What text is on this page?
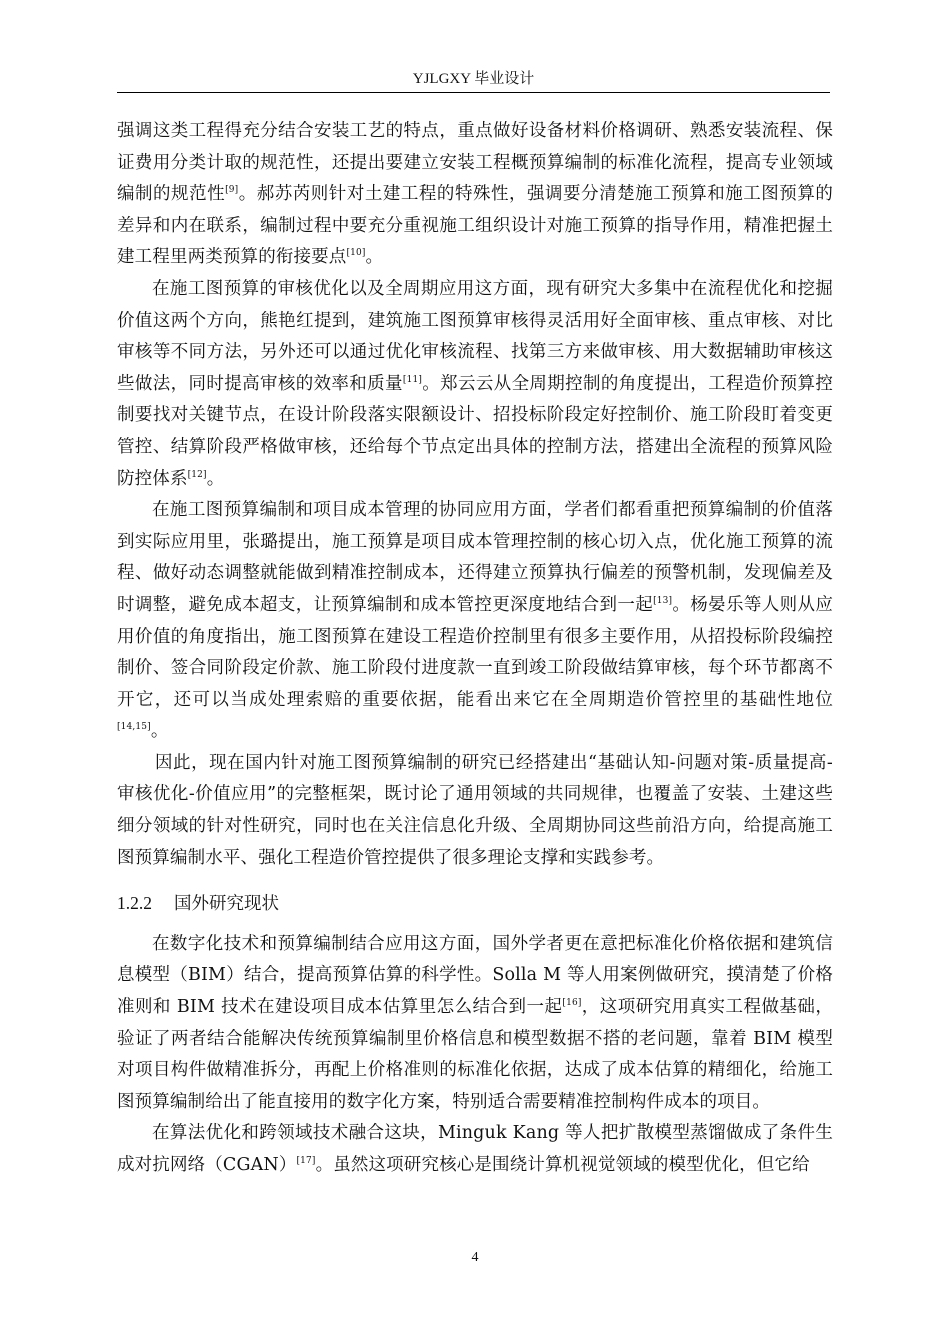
YJLGXY 毕业设计

强调这类工程得充分结合安装工艺的特点，重点做好设备材料价格调研、熟悉安装流程、保证费用分类计取的规范性，还提出要建立安装工程概预算编制的标准化流程，提高专业领域编制的规范性[9]。郝苏芮则针对土建工程的特殊性，强调要分清楚施工预算和施工图预算的差异和内在联系，编制过程中要充分重视施工组织设计对施工预算的指导作用，精准把握土建工程里两类预算的衔接要点[10]。

在施工图预算的审核优化以及全周期应用这方面，现有研究大多集中在流程优化和挖掘价值这两个方向，熊艳红提到，建筑施工图预算审核得灵活用好全面审核、重点审核、对比审核等不同方法，另外还可以通过优化审核流程、找第三方来做审核、用大数据辅助审核这些做法，同时提高审核的效率和质量[11]。郑云云从全周期控制的角度提出，工程造价预算控制要找对关键节点，在设计阶段落实限额设计、招投标阶段定好控制价、施工阶段盯着变更管控、结算阶段严格做审核，还给每个节点定出具体的控制方法，搭建出全流程的预算风险防控体系[12]。

在施工图预算编制和项目成本管理的协同应用方面，学者们都看重把预算编制的价值落到实际应用里，张璐提出，施工预算是项目成本管理控制的核心切入点，优化施工预算的流程、做好动态调整就能做到精准控制成本，还得建立预算执行偏差的预警机制，发现偏差及时调整，避免成本超支，让预算编制和成本管控更深度地结合到一起[13]。杨晏乐等人则从应用价值的角度指出，施工图预算在建设工程造价控制里有很多主要作用，从招投标阶段编控制价、签合同阶段定价款、施工阶段付进度款一直到竣工阶段做结算审核，每个环节都离不开它，还可以当成处理索赔的重要依据，能看出来它在全周期造价管控里的基础性地位[14,15]。

因此，现在国内针对施工图预算编制的研究已经搭建出“基础认知-问题对策-质量提高-审核优化-价值应用”的完整框架，既讨论了通用领域的共同规律，也覆盖了安装、土建这些细分领域的针对性研究，同时也在关注信息化升级、全周期协同这些前沿方向，给提高施工图预算编制水平、强化工程造价管控提供了很多理论支撑和实践参考。

1.2.2 国外研究现状

在数字化技术和预算编制结合应用这方面，国外学者更在意把标准化价格依据和建筑信息模型（BIM）结合，提高预算估算的科学性。Solla M 等人用案例做研究，摸清楚了价格准则和 BIM 技术在建设项目成本估算里怎么结合到一起[16]，这项研究用真实工程做基础，验证了两者结合能解决传统预算编制里价格信息和模型数据不搭的老问题，靠着 BIM 模型对项目构件做精准拆分，再配上价格准则的标准化依据，达成了成本估算的精细化，给施工图预算编制给出了能直接用的数字化方案，特别适合需要精准控制构件成本的项目。

在算法优化和跨领域技术融合这块，Minguk Kang 等人把扩散模型蒸馏做成了条件生成对抗网络（CGAN）[17]。虽然这项研究核心是围绕计算机视觉领域的模型优化，但它给

4
